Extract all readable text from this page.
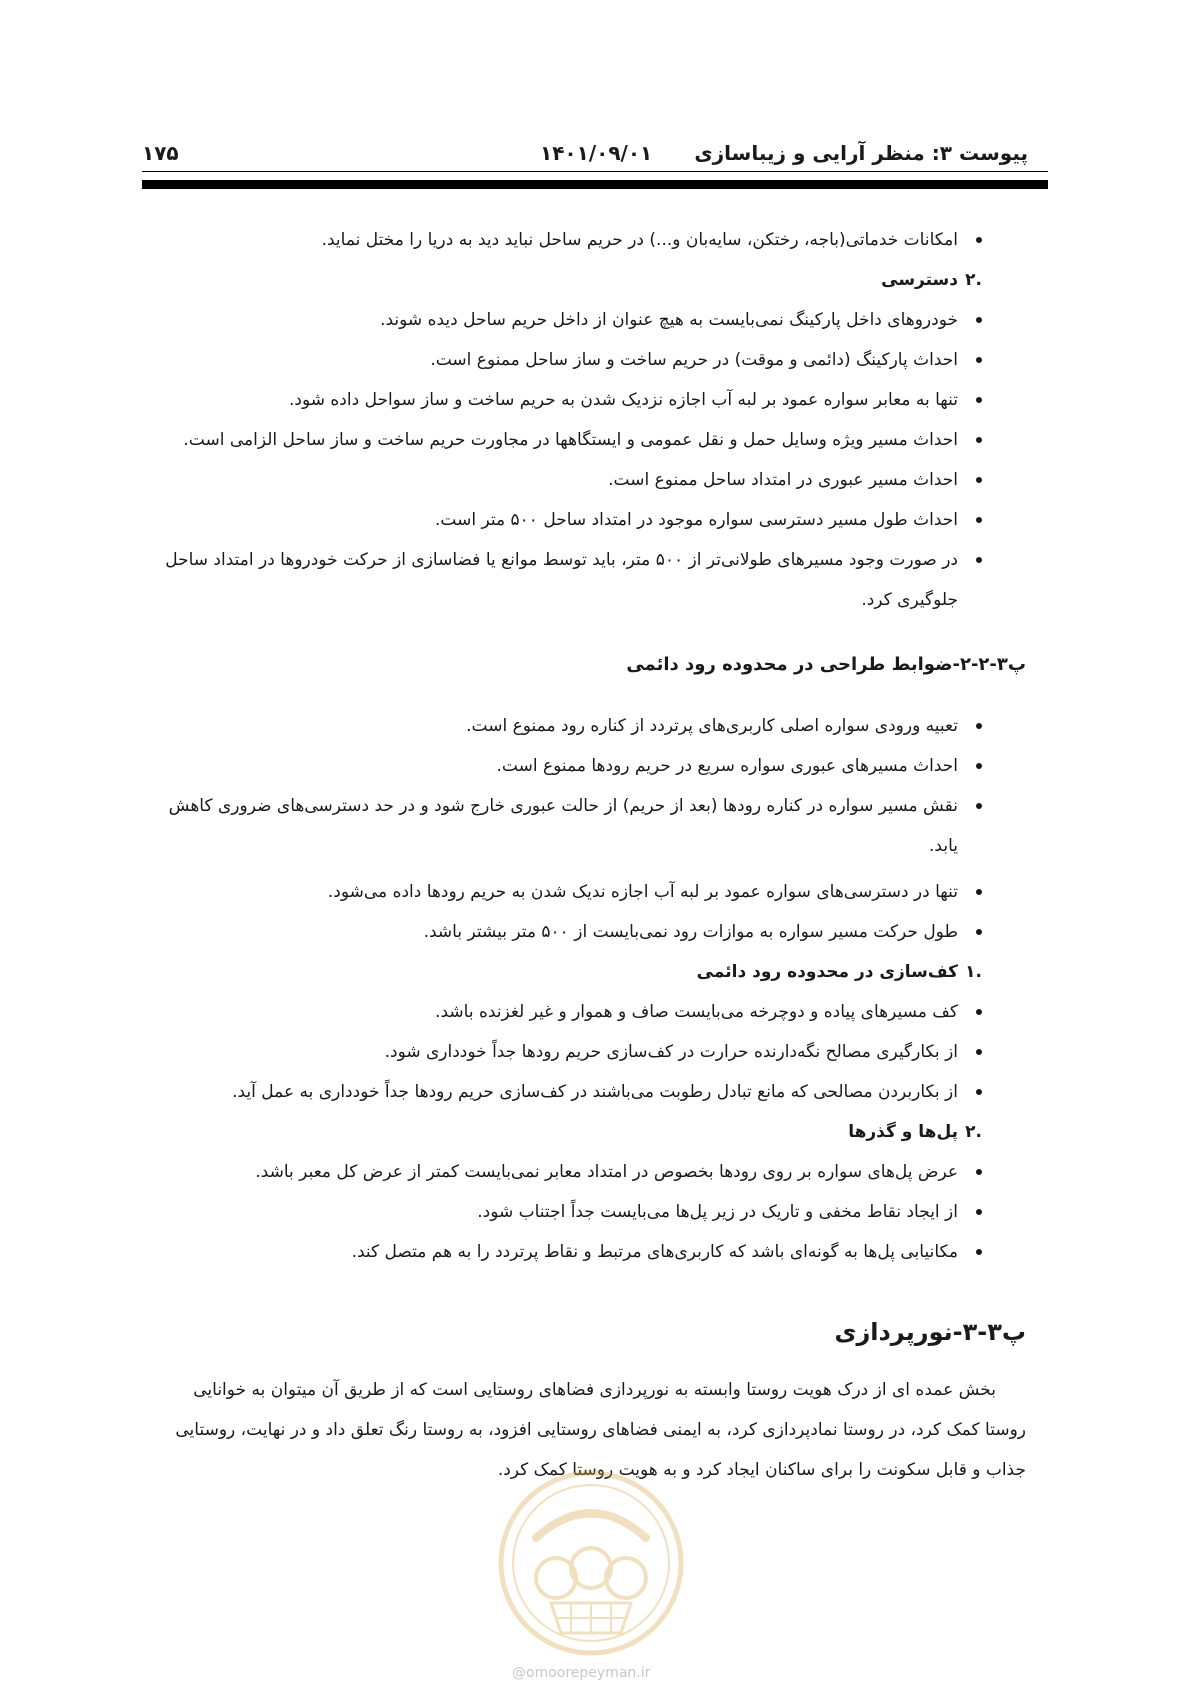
پیوست ۳: منظر آرایی و زیباسازی
۱۴۰۱/۰۹/۰۱
۱۷۵
امکانات خدماتی(باجه، رختکن، سایه‌بان و...) در حریم ساحل نباید دید به دریا را مختل نماید.
۲.
دسترسی
خودروهای داخل پارکینگ نمی‌بایست به هیچ عنوان از داخل حریم ساحل دیده شوند.
احداث پارکینگ (دائمی و موقت) در حریم ساخت و ساز ساحل ممنوع است.
تنها به معابر سواره عمود بر لبه آب اجازه نزدیک شدن به حریم ساخت و ساز سواحل داده شود.
احداث مسیر ویژه وسایل حمل و نقل عمومی و ایستگاهها در مجاورت حریم ساخت و ساز ساحل الزامی است.
احداث مسیر عبوری در امتداد ساحل ممنوع است.
احداث طول مسیر دسترسی سواره موجود در امتداد ساحل ۵۰۰ متر است.
در صورت وجود مسیرهای طولانی‌تر از ۵۰۰ متر، باید توسط موانع یا فضاسازی از حرکت خودروها در امتداد ساحل
جلوگیری کرد.
پ۳-۲-۲-ضوابط طراحی در محدوده رود دائمی
تعبیه ورودی سواره اصلی کاربری‌های پرتردد از کناره رود ممنوع است.
احداث مسیرهای عبوری سواره سریع در حریم رودها ممنوع است.
نقش مسیر سواره در کناره رودها (بعد از حریم) از حالت عبوری خارج شود و در حد دسترسی‌های ضروری کاهش
یابد.
تنها در دسترسی‌های سواره عمود بر لبه آب اجازه ندیک شدن به حریم رودها داده می‌شود.
طول حرکت مسیر سواره به موازات رود نمی‌بایست از ۵۰۰ متر بیشتر باشد.
۱.
کف‌سازی در محدوده رود دائمی
کف مسیرهای پیاده و دوچرخه می‌بایست صاف و هموار و غیر لغزنده باشد.
از بکارگیری مصالح نگه‌دارنده حرارت در کف‌سازی حریم رودها جداً خودداری شود.
از بکاربردن مصالحی که مانع تبادل رطوبت می‌باشند در کف‌سازی حریم رودها جداً خودداری به عمل آید.
۲.
پل‌ها و گذرها
عرض پل‌های سواره بر روی رودها بخصوص در امتداد معابر نمی‌بایست کمتر از عرض کل معبر باشد.
از ایجاد نقاط مخفی و تاریک در زیر پل‌ها می‌بایست جداً اجتناب شود.
مکانیابی پل‌ها به گونه‌ای باشد که کاربری‌های مرتبط و نقاط پرتردد را به هم متصل کند.
پ۳-۳-نورپردازی
بخش عمده ای از درک هویت روستا وابسته به نورپردازی فضاهای روستایی است که از طریق آن میتوان به خوانایی
روستا کمک کرد، در روستا نمادپردازی کرد، به ایمنی فضاهای روستایی افزود، به روستا رنگ تعلق داد و در نهایت، روستایی
جذاب و قابل سکونت را برای ساکنان ایجاد کرد و به هویت روستا کمک کرد.
@omoorepeyman.ir
